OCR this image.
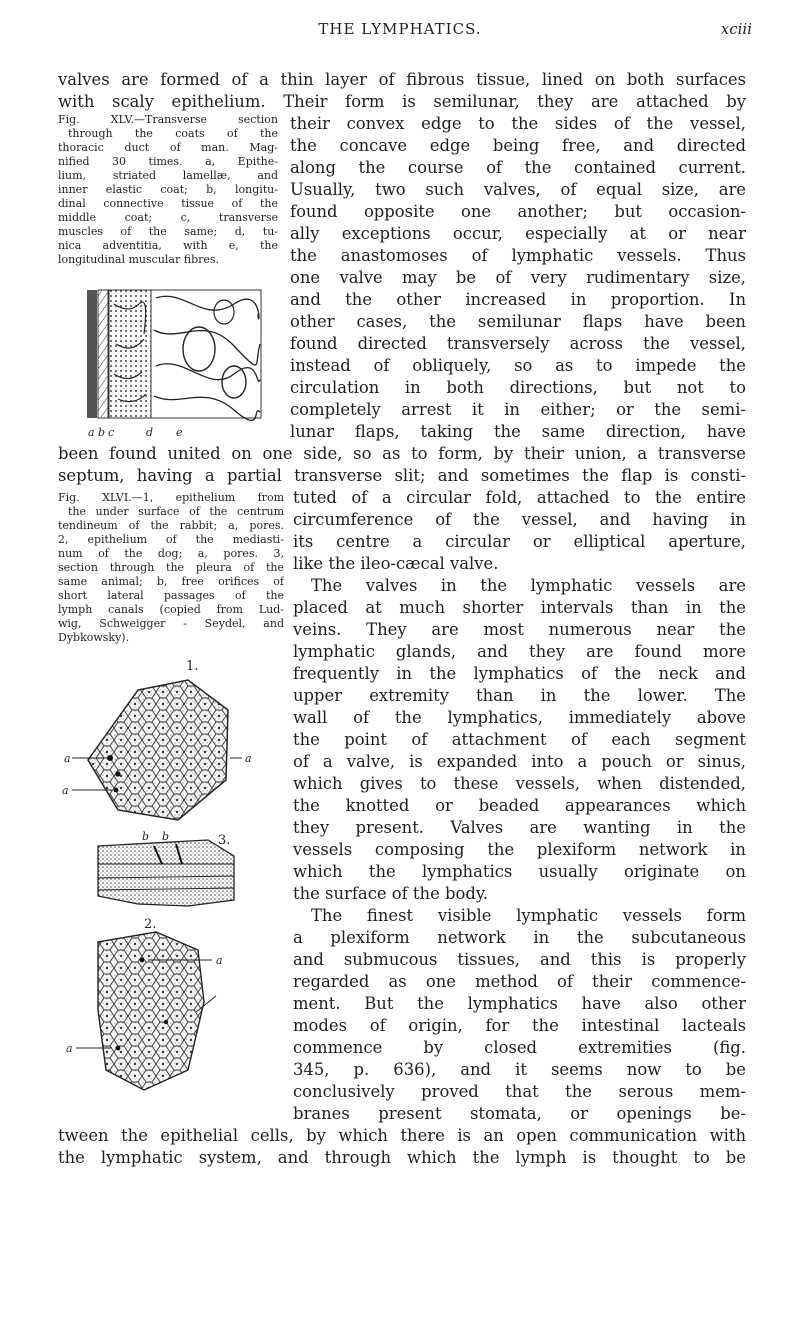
THE LYMPHATICS.	xciii
valves are formed of a thin layer of fibrous tissue, lined on both surfaces
with scaly epithelium. Their form is semilunar, they are attached by
their convex edge to the sides of the vessel,
the concave edge being free, and directed
along the course of the contained current.
Usually, two such valves, of equal size, are
found opposite one another; but occasion-
ally exceptions occur, especially at or near
the anastomoses of lymphatic vessels. Thus
one valve may be of very rudimentary size,
and the other increased in proportion. In
other cases, the semilunar flaps have been
found directed transversely across the vessel,
instead of obliquely, so as to impede the
circulation in both directions, but not to
completely arrest it in either; or the semi-
lunar flaps, taking the same direction, have
been found united on one side, so as to form, by their union, a transverse
septum, having a partial transverse slit; and sometimes the flap is consti-
tuted of a circular fold, attached to the entire
circumference of the vessel, and having in
its centre a circular or elliptical aperture,
like the ileo-cæcal valve.
The valves in the lymphatic vessels are
placed at much shorter intervals than in the
veins. They are most numerous near the
lymphatic glands, and they are found more
frequently in the lymphatics of the neck and
upper extremity than in the lower. The
wall of the lymphatics, immediately above
the point of attachment of each segment
of a valve, is expanded into a pouch or sinus,
which gives to these vessels, when distended,
the knotted or beaded appearances which
they present. Valves are wanting in the
vessels composing the plexiform network in
which the lymphatics usually originate on
the surface of the body.
The finest visible lymphatic vessels form
a plexiform network in the subcutaneous
and submucous tissues, and this is properly
regarded as one method of their commence-
ment. But the lymphatics have also other
modes of origin, for the intestinal lacteals
commence by closed extremities (fig.
345, p. 636), and it seems now to be
conclusively proved that the serous mem-
branes present stomata, or openings be-
tween the epithelial cells, by which there is an open communication with
the lymphatic system, and through which the lymph is thought to be
Fig. XLV.—Transverse section
through the coats of the
thoracic duct of man. Mag-
nified 30 times. a, Epithe-
lium, striated lamellæ, and
inner elastic coat; b, longitu-
dinal connective tissue of the
middle coat; c, transverse
muscles of the same; d, tu-
nica adventitia, with e, the
longitudinal muscular fibres.
a b c	d e
Fig. XLVI.—1, epithelium from
the under surface of the centrum
tendineum of the rabbit; a, pores.
2, epithelium of the mediasti-
num of the dog; a, pores. 3,
section through the pleura of the
same animal; b, free orifices of
short lateral passages of the
lymph canals (copied from Lud-
wig, Schweigger - Seydel, and
Dybkowsky).
a
a
a
1.
b b	3.
a
a
2.
